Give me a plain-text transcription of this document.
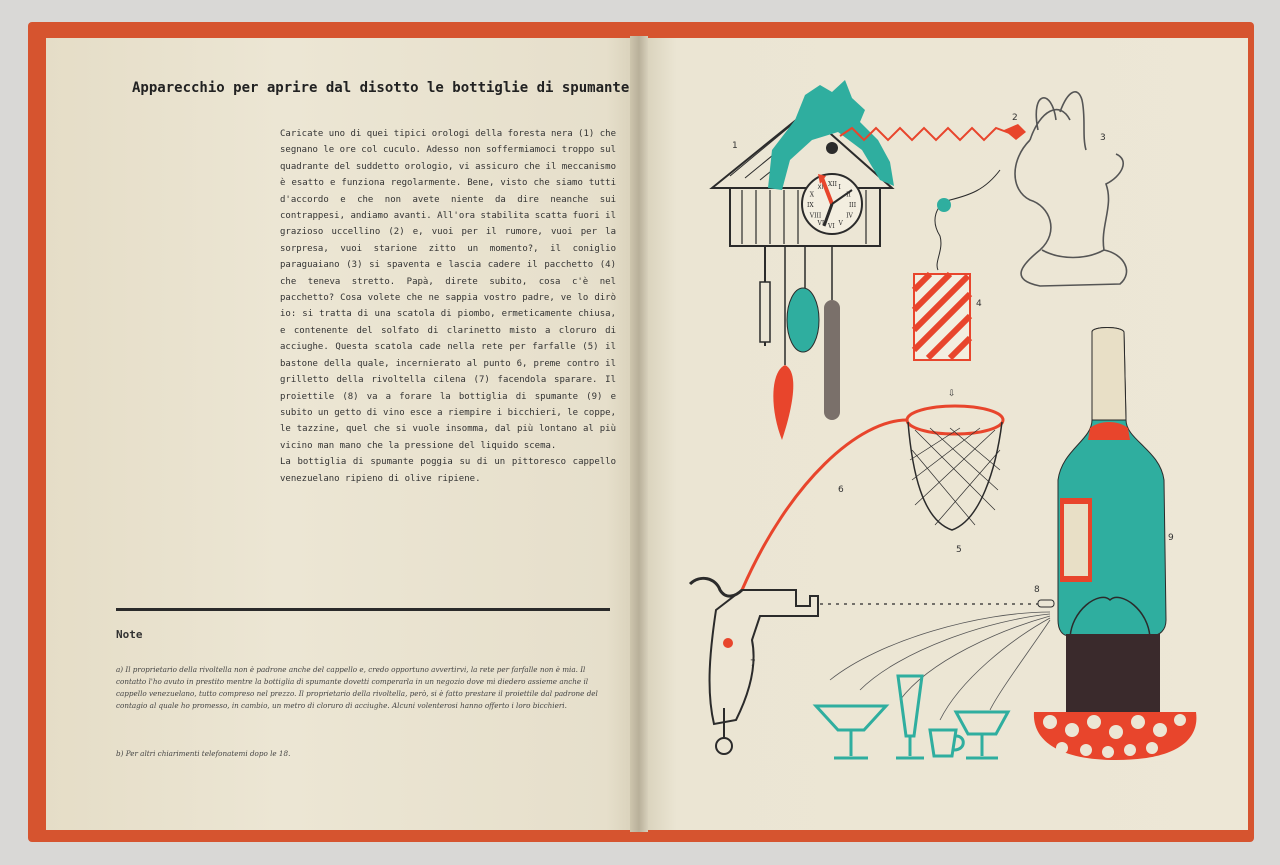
Apparecchio per aprire dal disotto le bottiglie di spumante

Caricate uno di quei tipici orologi della foresta nera (1) che segnano le ore col cuculo. Adesso non soffermiamoci troppo sul quadrante del suddetto orologio, vi assicuro che il meccanismo è esatto e funziona regolarmente. Bene, visto che siamo tutti d'accordo e che non avete niente da dire neanche sui contrappesi, andiamo avanti. All'ora stabilita scatta fuori il grazioso uccellino (2) e, vuoi per il rumore, vuoi per la sorpresa, vuoi starione zitto un momento?, il coniglio paraguaiano (3) si spaventa e lascia cadere il pacchetto (4) che teneva stretto. Papà, direte subito, cosa c'è nel pacchetto? Cosa volete che ne sappia vostro padre, ve lo dirò io: si tratta di una scatola di piombo, ermeticamente chiusa, e contenente del solfato di clarinetto misto a cloruro di acciughe. Questa scatola cade nella rete per farfalle (5) il bastone della quale, incernierato al punto 6, preme contro il grilletto della rivoltella cilena (7) facendola sparare. Il proiettile (8) va a forare la bottiglia di spumante (9) e subito un getto di vino esce a riempire i bicchieri, le coppe, le tazzine, quel che si vuole insomma, dal più lontano al più vicino man mano che la pressione del liquido scema.

La bottiglia di spumante poggia su di un pittoresco cappello venezuelano ripieno di olive ripiene.

Note
a) Il proprietario della rivoltella non è padrone anche del cappello e, credo opportuno avvertirvi, la rete per farfalle non è mia. Il contatto l'ho avuto in prestito mentre la bottiglia di spumante dovetti comperarla in un negozio dove mi diedero assieme anche il cappello venezuelano, tutto compreso nel prezzo. Il proprietario della rivoltella, però, si è fatto prestare il proiettile dal padrone del contagio al quale ho promesso, in cambio, un metro di cloruro di acciughe. Alcuni volenterosi hanno offerto i loro bicchieri.
b) Per altri chiarimenti telefonatemi dopo le 18.
XI
⇩
1
2
3
4
5
6
7
8
9
XII I
II
III
IV
V
VI
VII
VIII
IX
X
